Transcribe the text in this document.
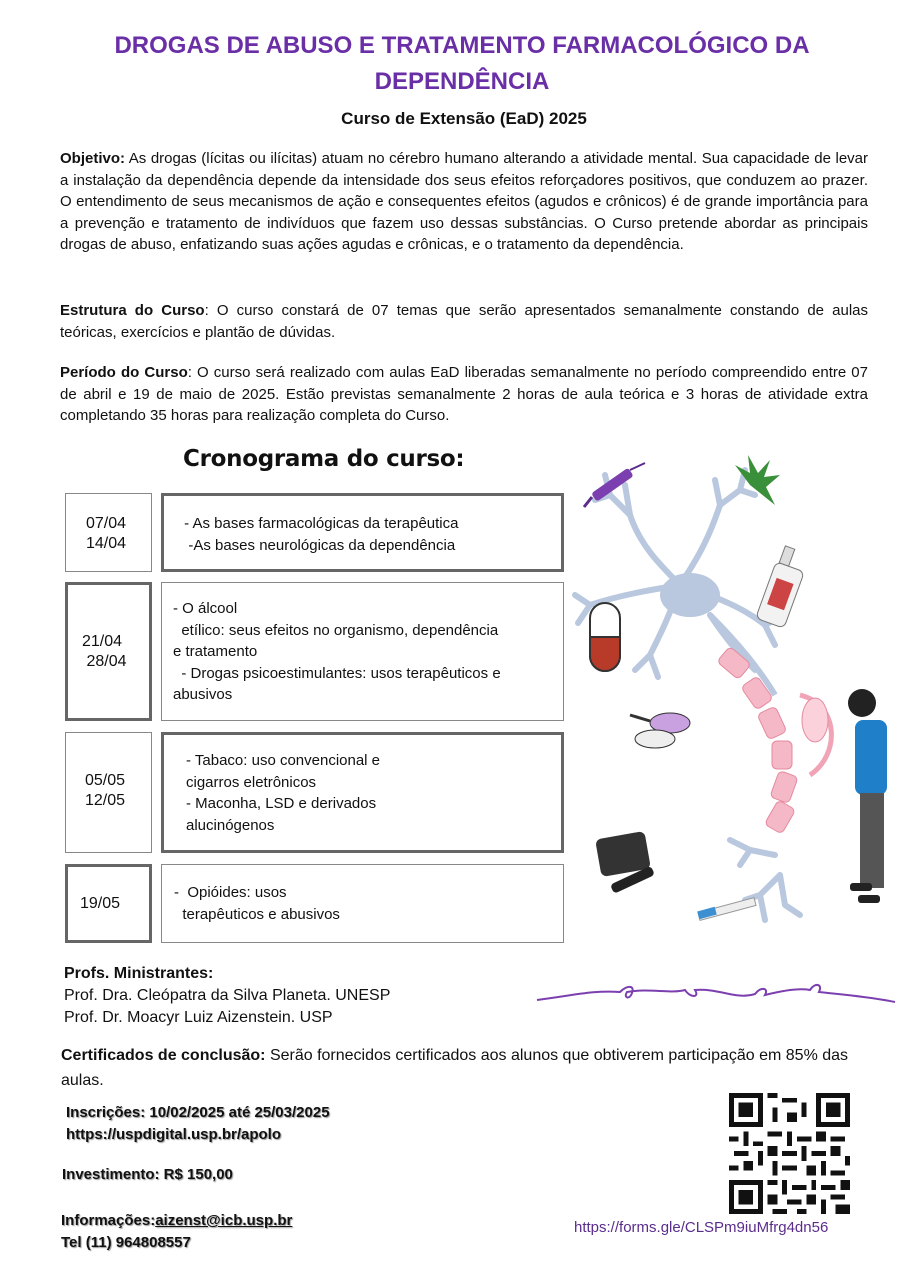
DROGAS DE ABUSO E TRATAMENTO FARMACOLÓGICO DA DEPENDÊNCIA
Curso de Extensão (EaD) 2025
Objetivo: As drogas (lícitas ou ilícitas) atuam no cérebro humano alterando a atividade mental. Sua capacidade de levar a instalação da dependência depende da intensidade dos seus efeitos reforçadores positivos, que conduzem ao prazer. O entendimento de seus mecanismos de ação e consequentes efeitos (agudos e crônicos) é de grande importância para a prevenção e tratamento de indivíduos que fazem uso dessas substâncias. O Curso pretende abordar as principais drogas de abuso, enfatizando suas ações agudas e crônicas, e o tratamento da dependência.
Estrutura do Curso: O curso constará de 07 temas que serão apresentados semanalmente constando de aulas teóricas, exercícios e plantão de dúvidas.
Período do Curso: O curso será realizado com aulas EaD liberadas semanalmente no período compreendido entre 07 de abril e 19 de maio de 2025. Estão previstas semanalmente 2 horas de aula teórica e 3 horas de atividade extra completando 35 horas para realização completa do Curso.
Cronograma do curso:
07/04
14/04
- As bases farmacológicas da terapêutica
-As bases neurológicas da dependência
21/04
28/04
- O álcool
etílico: seus efeitos no organismo, dependência
e tratamento
- Drogas psicoestimulantes: usos terapêuticos e
abusivos
05/05
12/05
- Tabaco: uso convencional e
cigarros eletrônicos
- Maconha, LSD e derivados
alucinógenos
19/05
-  Opióides: usos
terapêuticos e abusivos
Profs. Ministrantes:
Prof. Dra. Cleópatra da Silva Planeta. UNESP
Prof. Dr. Moacyr Luiz Aizenstein. USP
Certificados de conclusão: Serão fornecidos certificados aos alunos que obtiverem participação em 85% das aulas.
Inscrições: 10/02/2025 até 25/03/2025
https://uspdigital.usp.br/apolo
Investimento: R$ 150,00
Informações:aizenst@icb.usp.br
Tel (11) 964808557
https://forms.gle/CLSPm9iuMfrg4dn56
